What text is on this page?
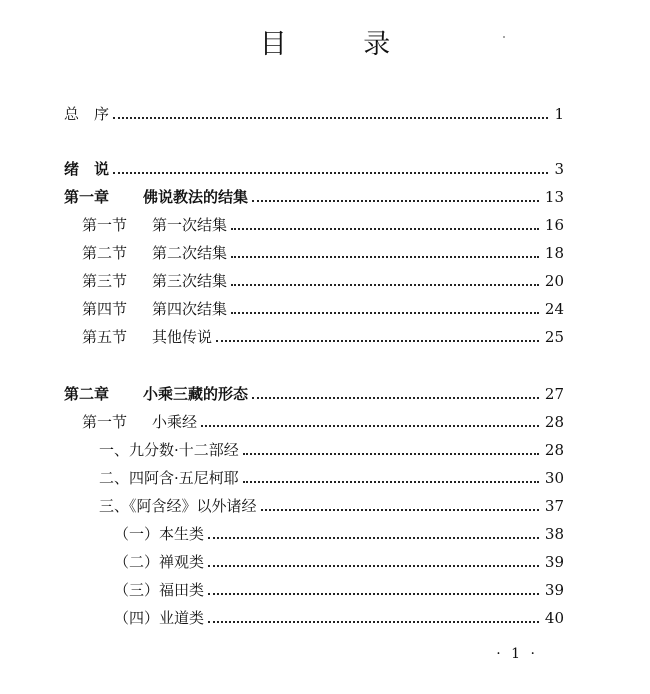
目 录
总　序	1
绪　说	3
第一章 佛说教法的结集	13
第一节 第一次结集	16
第二节 第二次结集	18
第三节 第三次结集	20
第四节 第四次结集	24
第五节 其他传说	25
第二章 小乘三藏的形态	27
第一节 小乘经	28
一、九分数·十二部经	28
二、四阿含·五尼柯耶	30
三、《阿含经》以外诸经	37
（一）本生类	38
（二）禅观类	39
（三）福田类	39
（四）业道类	40
· 1 ·
